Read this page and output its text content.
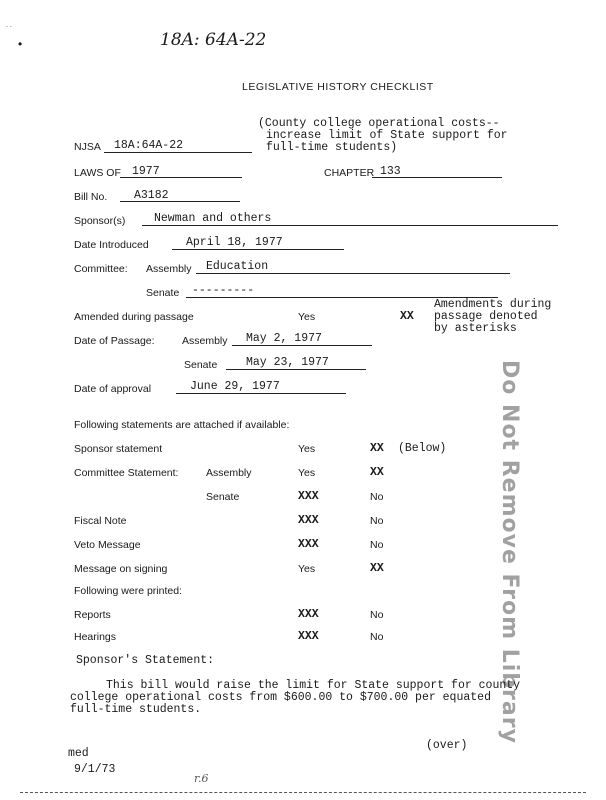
. .
•	18A: 64A-22
LEGISLATIVE HISTORY CHECKLIST
(County college operational costs--
increase limit of State support for
full-time students)
NJSA 18A:64A-22
LAWS OF 1977	CHAPTER 133
Bill No. A3182
Sponsor(s) Newman and others
Date Introduced	April 18, 1977
Committee: Assembly Education
Senate ---------
Amended during passage	Yes	XX
Amendments during
passage denoted
by asterisks
Date of Passage:	Assembly May 2, 1977
Senate May 23, 1977
Date of approval	June 29, 1977
Following statements are attached if available:
Sponsor statement	Yes	XX (Below)
Committee Statement:	Assembly	Yes	XX
Senate	XXX	No
Fiscal Note	XXX	No
Veto Message	XXX	No
Message on signing	Yes	XX
Following were printed:
Reports	XXX	No
Hearings	XXX	No	Do Not Remove From Library
Sponsor's Statement:
This bill would raise the limit for State support for county
college operational costs from $600.00 to $700.00 per equated
full-time students.
(over)
med
9/1/73
r.6
